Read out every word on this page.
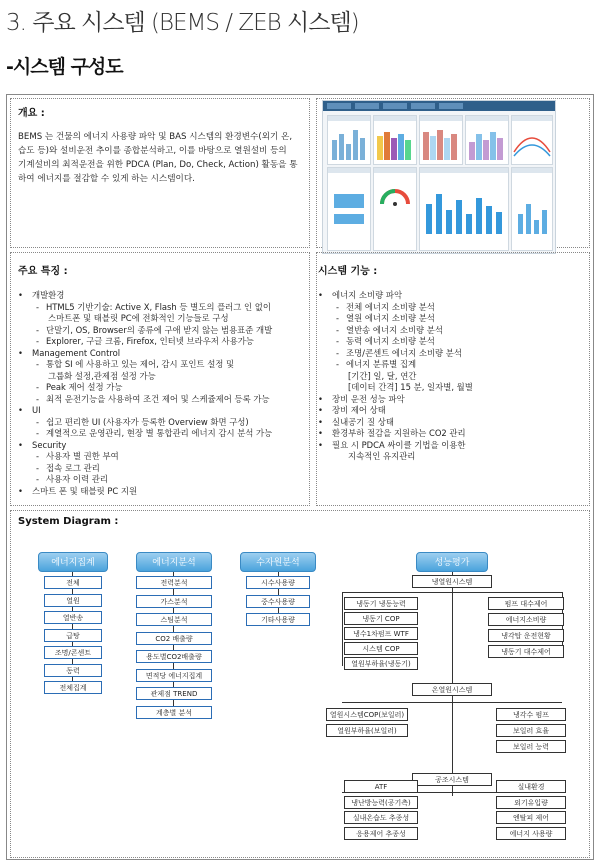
3. 주요 시스템 (BEMS / ZEB 시스템)
-시스템 구성도
개요 :
BEMS 는 건물의 에너지 사용량 파악 및 BAS 시스템의 환경변수(외기 온,
습도 등)와 설비운전 추이를 종합분석하고, 이를 바탕으로 열원설비 등의
기계설비의 최적운전을 위한 PDCA (Plan, Do, Check, Action) 활동을 통
하여 에너지를 절감할 수 있게 하는 시스템이다.
주요 특징 :
• 개발환경
- HTML5 기반기술: Active X, Flash 등 별도의 플러그 인 없이
스마트폰 및 태블릿 PC에 전화적인 기능들로 구성
- 단말기, OS, Browser의 종류에 구애 받지 않는 범용표준 개발
- Explorer, 구글 크롬, Firefox, 인터넷 브라우저 사용가능
• Management Control
- 통합 SI 에 사용하고 있는 제어, 감시 포인트 설정 및
그룹화 설정,관제점 설정 가능
- Peak 제어 설정 가능
- 최적 운전기능을 사용하여 조건 제어 및 스케쥴제어 등록 가능
• UI
- 쉽고 편리한 UI (사용자가 등록한 Overview 화면 구성)
- 계열적으로 운영관리, 현장 별 통합관리 에너지 감시 분석 가능
• Security
- 사용자 별 권한 부여
- 접속 로그 관리
- 사용자 이력 관리
• 스마트 폰 및 태블릿 PC 지원
시스템 기능 :
• 에너지 소비량 파악
- 전체 에너지 소비량 분석
- 열원 에너지 소비량 분석
- 열반송 에너지 소비량 분석
- 동력 에너지 소비량 분석
- 조명/콘센트 에너지 소비량 분석
- 에너지 분류별 집계
[기간] 일, 달, 연간
[데이터 간격] 15 분, 일자별, 월별
• 장비 운전 성능 파악
• 장비 제어 상태
• 실내공기 질 상태
• 환경부하 절감을 지원하는 CO2 관리
• 필요 시 PDCA 싸이클 기법을 이용한
지속적인 유지관리
System Diagram :
에너지집계
전체
열원
열반송
급탕
조명/콘센트
동력
전체집계
에너지분석
전력분석
가스분석
스팀분석
CO2 배출량
용도별CO2배출량
면적당 에너지집계
관제점 TREND
계층별 분석
수자원분석
시수사용량
중수사용량
기타사용량
성능평가
냉열원시스템
냉동기 냉동능력
냉동기 COP
냉수1차펌프 WTF
시스템 COP
열원부하율(냉동기)
펌프 대수제어
에너지소비량
냉각탑 운전현황
냉동기 대수제어
온열원시스템
열원시스템COP(보일러)
열원부하율(보일러)
냉각수 펌프
보일러 효율
보일러 능력
공조시스템
ATF
냉난방능력(공기측)
실내온습도 추종성
응용제어 추종성
실내환경
외기유입량
엔탈피 제어
에너지 사용량
